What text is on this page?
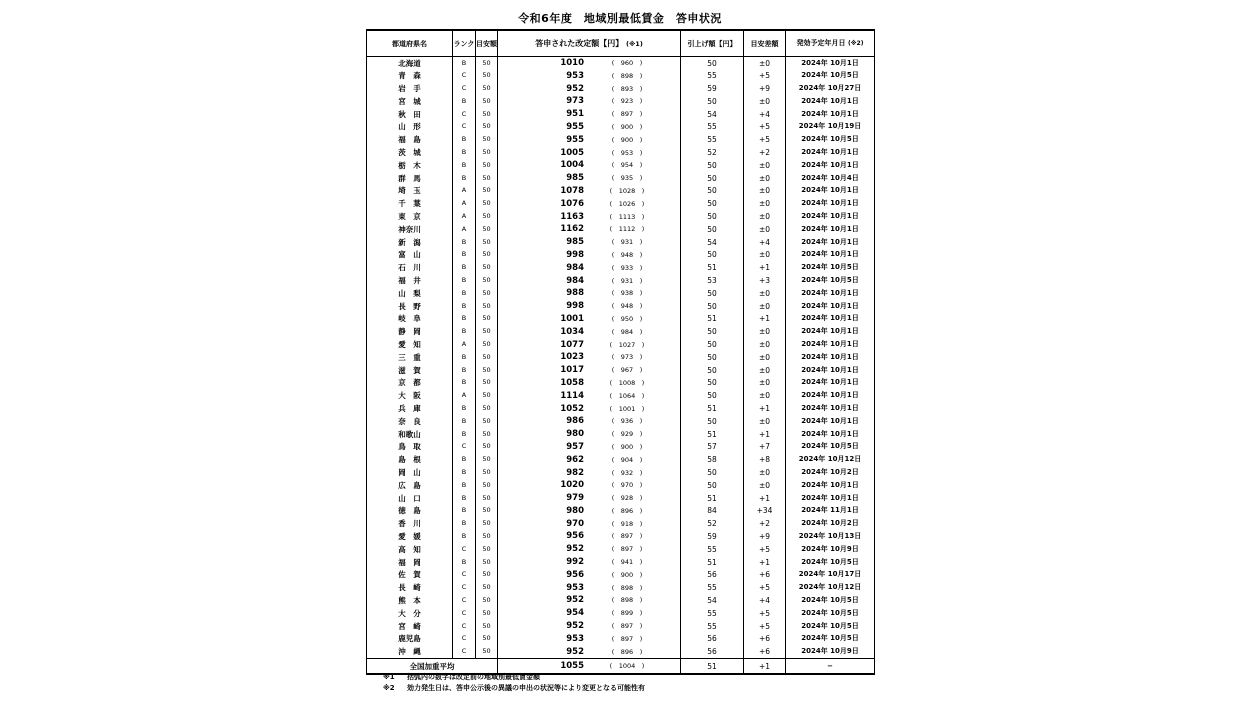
令和6年度　地域別最低賃金　答申状況
都道府県名	ランク	目安額	答申された改定額【円】 (※1)	引上げ額【円】	目安差額	発効予定年月日 (※2)
北海道	B	50	1010 (　960　)	50	±0	2024年 10月1日
青　森	C	50	953 (　898　)	55	+5	2024年 10月5日
岩　手	C	50	952 (　893　)	59	+9	2024年 10月27日
宮　城	B	50	973 (　923　)	50	±0	2024年 10月1日
秋　田	C	50	951 (　897　)	54	+4	2024年 10月1日
山　形	C	50	955 (　900　)	55	+5	2024年 10月19日
福　島	B	50	955 (　900　)	55	+5	2024年 10月5日
茨　城	B	50	1005 (　953　)	52	+2	2024年 10月1日
栃　木	B	50	1004 (　954　)	50	±0	2024年 10月1日
群　馬	B	50	985 (　935　)	50	±0	2024年 10月4日
埼　玉	A	50	1078 (　1028　)	50	±0	2024年 10月1日
千　葉	A	50	1076 (　1026　)	50	±0	2024年 10月1日
東　京	A	50	1163 (　1113　)	50	±0	2024年 10月1日
神奈川	A	50	1162 (　1112　)	50	±0	2024年 10月1日
新　潟	B	50	985 (　931　)	54	+4	2024年 10月1日
富　山	B	50	998 (　948　)	50	±0	2024年 10月1日
石　川	B	50	984 (　933　)	51	+1	2024年 10月5日
福　井	B	50	984 (　931　)	53	+3	2024年 10月5日
山　梨	B	50	988 (　938　)	50	±0	2024年 10月1日
長　野	B	50	998 (　948　)	50	±0	2024年 10月1日
岐　阜	B	50	1001 (　950　)	51	+1	2024年 10月1日
静　岡	B	50	1034 (　984　)	50	±0	2024年 10月1日
愛　知	A	50	1077 (　1027　)	50	±0	2024年 10月1日
三　重	B	50	1023 (　973　)	50	±0	2024年 10月1日
滋　賀	B	50	1017 (　967　)	50	±0	2024年 10月1日
京　都	B	50	1058 (　1008　)	50	±0	2024年 10月1日
大　阪	A	50	1114 (　1064　)	50	±0	2024年 10月1日
兵　庫	B	50	1052 (　1001　)	51	+1	2024年 10月1日
奈　良	B	50	986 (　936　)	50	±0	2024年 10月1日
和歌山	B	50	980 (　929　)	51	+1	2024年 10月1日
鳥　取	C	50	957 (　900　)	57	+7	2024年 10月5日
島　根	B	50	962 (　904　)	58	+8	2024年 10月12日
岡　山	B	50	982 (　932　)	50	±0	2024年 10月2日
広　島	B	50	1020 (　970　)	50	±0	2024年 10月1日
山　口	B	50	979 (　928　)	51	+1	2024年 10月1日
徳　島	B	50	980 (　896　)	84	+34	2024年 11月1日
香　川	B	50	970 (　918　)	52	+2	2024年 10月2日
愛　媛	B	50	956 (　897　)	59	+9	2024年 10月13日
高　知	C	50	952 (　897　)	55	+5	2024年 10月9日
福　岡	B	50	992 (　941　)	51	+1	2024年 10月5日
佐　賀	C	50	956 (　900　)	56	+6	2024年 10月17日
長　崎	C	50	953 (　898　)	55	+5	2024年 10月12日
熊　本	C	50	952 (　898　)	54	+4	2024年 10月5日
大　分	C	50	954 (　899　)	55	+5	2024年 10月5日
宮　崎	C	50	952 (　897　)	55	+5	2024年 10月5日
鹿児島	C	50	953 (　897　)	56	+6	2024年 10月5日
沖　縄	C	50	952 (　896　)	56	+6	2024年 10月9日
全国加重平均			1055 (　1004　)	51	+1	−
※1 括弧内の数字は改定前の地域別最低賃金額
※2 効力発生日は、答申公示後の異議の申出の状況等により変更となる可能性有
